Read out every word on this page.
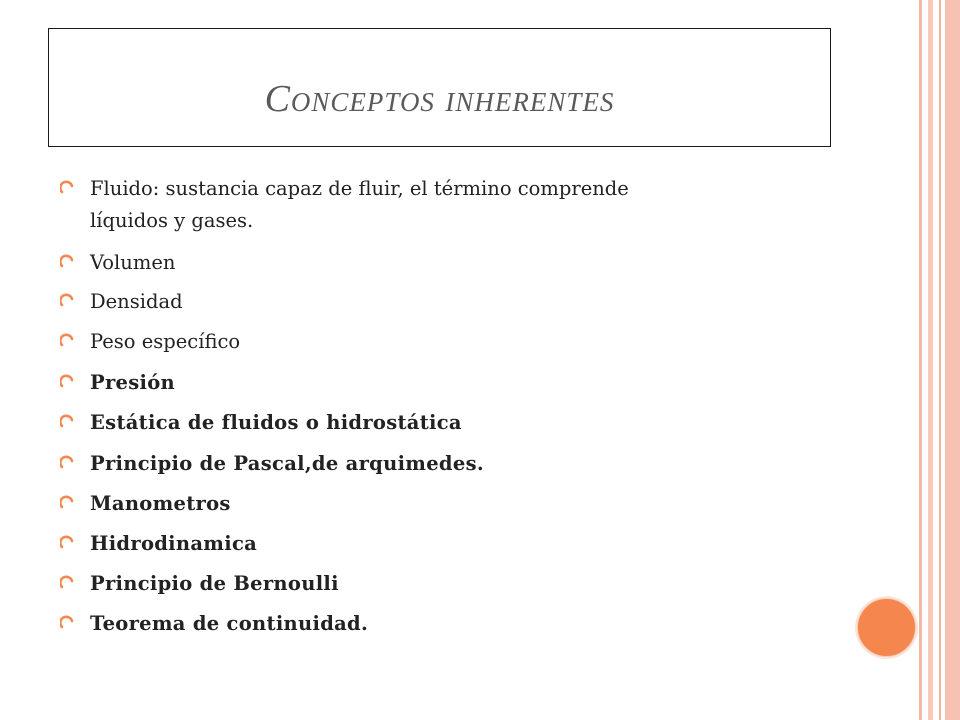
Conceptos inherentes
Fluido: sustancia capaz de fluir, el término comprende
líquidos y gases.
Volumen
Densidad
Peso específico
Presión
Estática de fluidos o hidrostática
Principio de Pascal,de arquimedes.
Manometros
Hidrodinamica
Principio de Bernoulli
Teorema de continuidad.
